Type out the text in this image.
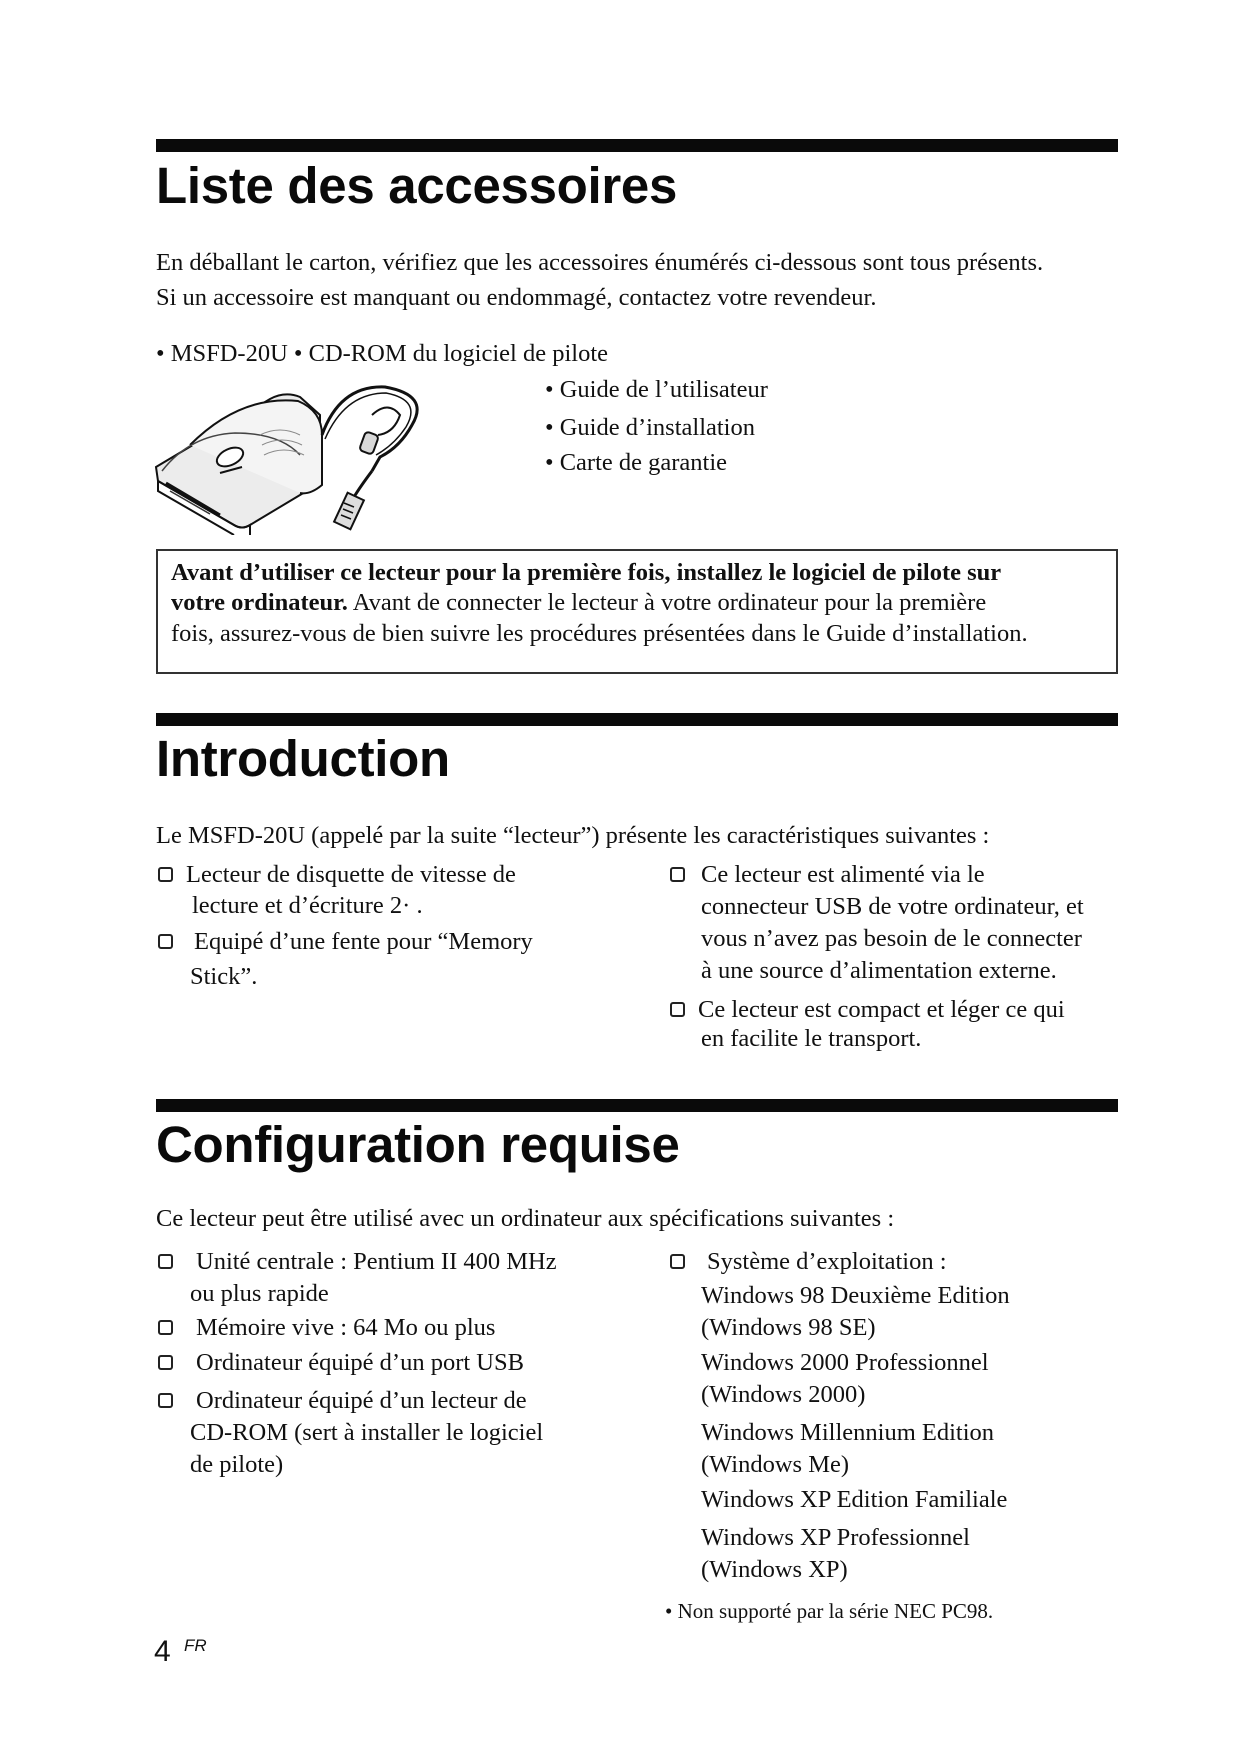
Liste des accessoires
En déballant le carton, vérifiez que les accessoires énumérés ci-dessous sont tous présents.
Si un accessoire est manquant ou endommagé, contactez votre revendeur.
• MSFD-20U • CD-ROM du logiciel de pilote
• Guide de l’utilisateur
• Guide d’installation
• Carte de garantie
Avant d’utiliser ce lecteur pour la première fois, installez le logiciel de pilote sur
votre ordinateur. Avant de connecter le lecteur à votre ordinateur pour la première
fois, assurez-vous de bien suivre les procédures présentées dans le Guide d’installation.
Introduction
Le MSFD-20U (appelé par la suite “lecteur”) présente les caractéristiques suivantes :
Lecteur de disquette de vitesse de
lecture et d’écriture 2· .
Equipé d’une fente pour “Memory
Stick”.
Ce lecteur est alimenté via le
connecteur USB de votre ordinateur, et
vous n’avez pas besoin de le connecter
à une source d’alimentation externe.
Ce lecteur est compact et léger ce qui
en facilite le transport.
Configuration requise
Ce lecteur peut être utilisé avec un ordinateur aux spécifications suivantes :
Unité centrale : Pentium II 400 MHz
ou plus rapide
Mémoire vive : 64 Mo ou plus
Ordinateur équipé d’un port USB
Ordinateur équipé d’un lecteur de
CD-ROM (sert à installer le logiciel
de pilote)
Système d’exploitation :
Windows 98 Deuxième Edition
(Windows 98 SE)
Windows 2000 Professionnel
(Windows 2000)
Windows Millennium Edition
(Windows Me)
Windows XP Edition Familiale
Windows XP Professionnel
(Windows XP)
• Non supporté par la série NEC PC98.
4 FR
